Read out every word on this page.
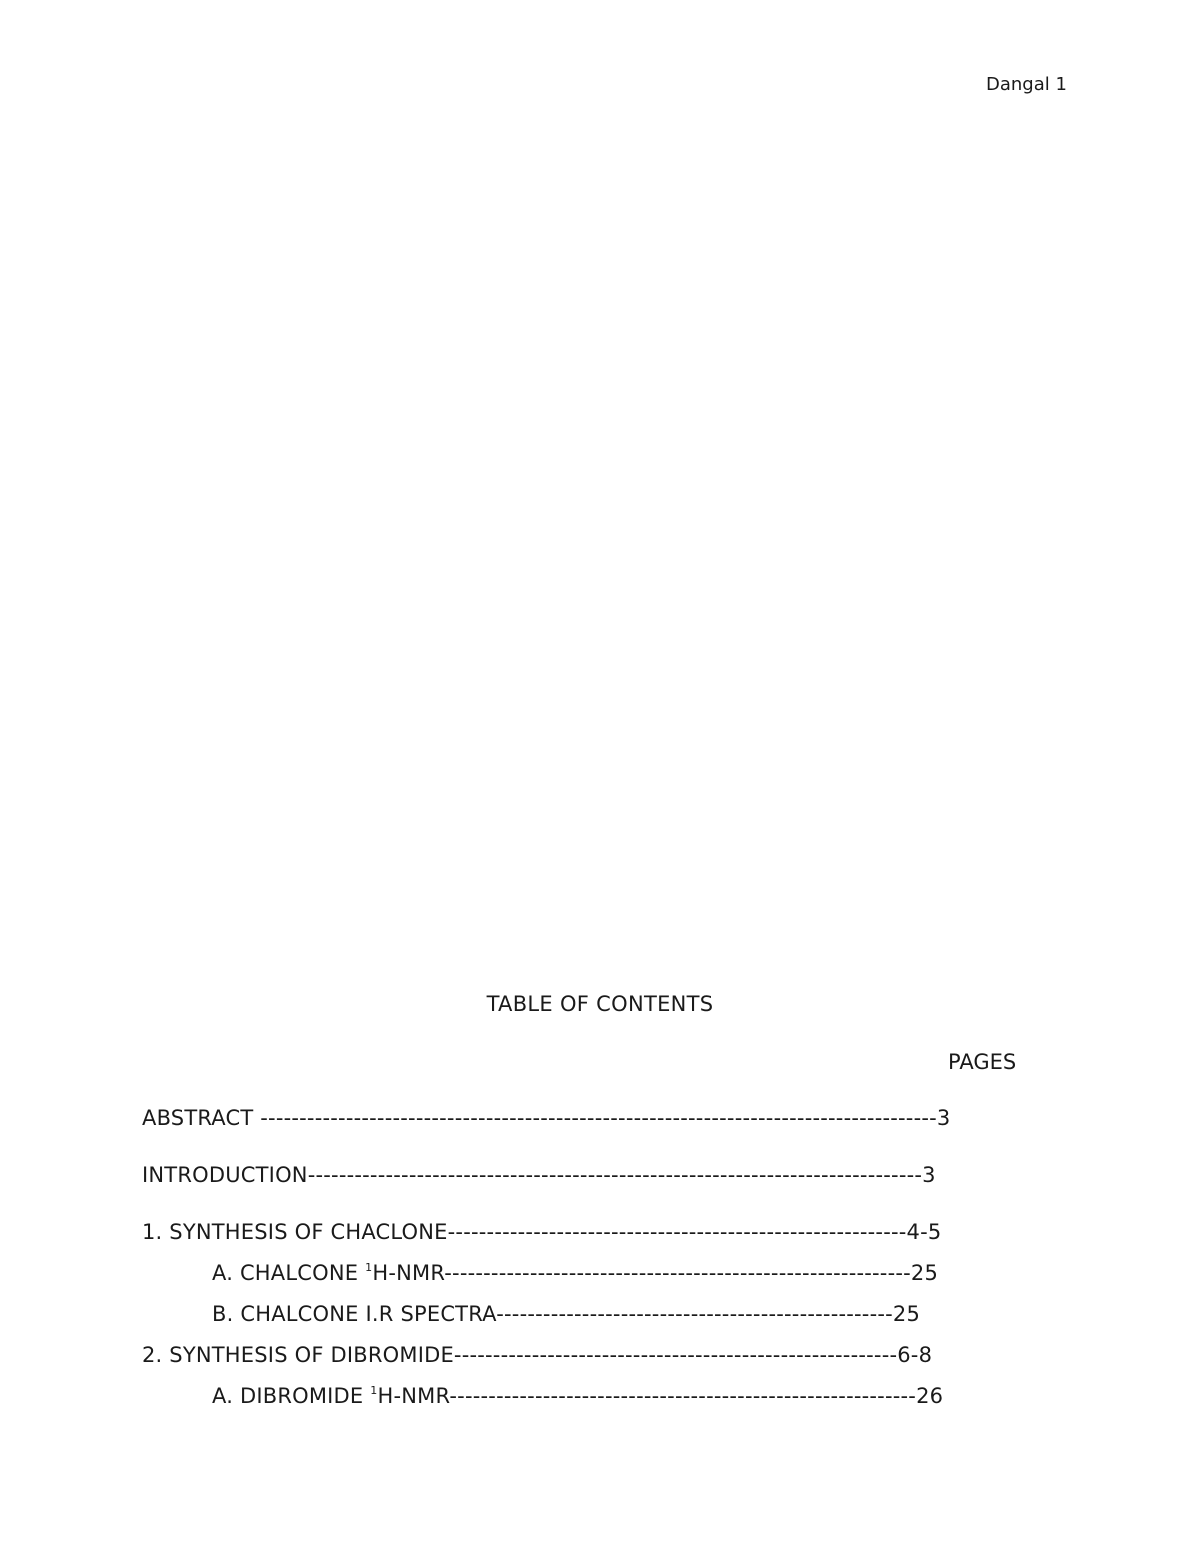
Dangal 1
TABLE OF CONTENTS
PAGES
ABSTRACT ---------------------------------------------------------------------------------------3
INTRODUCTION-------------------------------------------------------------------------------3
1. SYNTHESIS OF CHACLONE-----------------------------------------------------------4-5
A. CHALCONE $^1$H-NMR------------------------------------------------------------25
B. CHALCONE I.R SPECTRA---------------------------------------------------25
2. SYNTHESIS OF DIBROMIDE---------------------------------------------------------6-8
A. DIBROMIDE $^1$H-NMR------------------------------------------------------------26
